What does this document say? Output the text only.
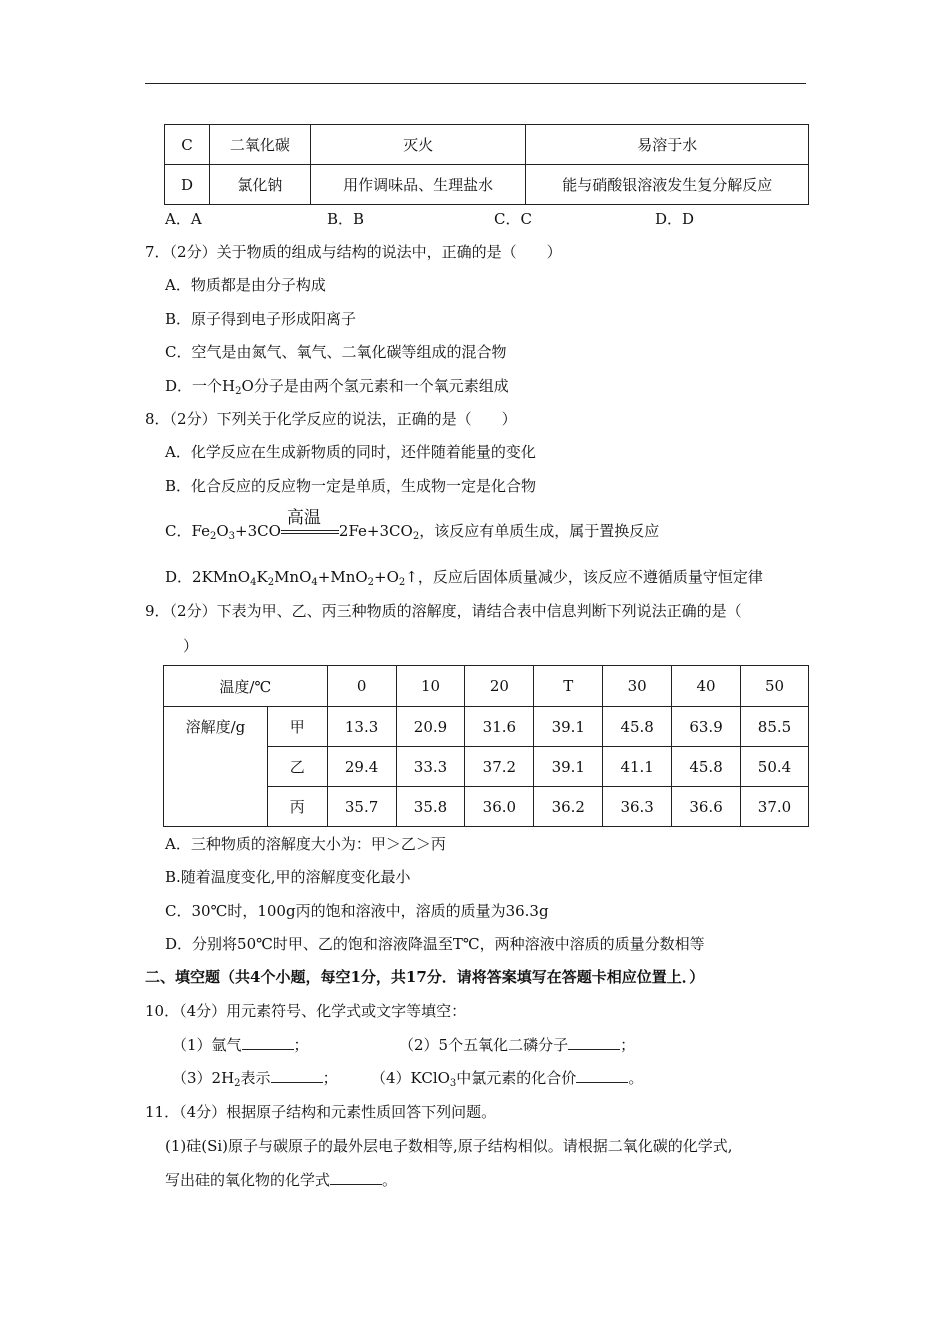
C	二氧化碳	灭火	易溶于水
D	氯化钠	用作调味品、生理盐水	能与硝酸银溶液发生复分解反应
A．A	B．B	C．C	D．D
7．（2分）关于物质的组成与结构的说法中，正确的是（　　）
A．物质都是由分子构成
B．原子得到电子形成阳离子
C．空气是由氮气、氧气、二氧化碳等组成的混合物
D．一个$H_2O$分子是由两个氢元素和一个氧元素组成
8．（2分）下列关于化学反应的说法，正确的是（　　）
A．化学反应在生成新物质的同时，还伴随着能量的变化
B．化合反应的反应物一定是单质，生成物一定是化合物
C．$Fe_2O_3+3CO$
高温
$2Fe+3CO_2$，该反应有单质生成，属于置换反应
D．$2KMnO_4K_2MnO_4+MnO_2+O_2↑$，反应后固体质量减少，该反应不遵循质量守恒定律
9．（2分）下表为甲、乙、丙三种物质的溶解度，请结合表中信息判断下列说法正确的是（
）
温度/℃		0	10	20	T	30	40	50
溶解度/g	甲	13.3	20.9	31.6	39.1	45.8	63.9	85.5
	乙	29.4	33.3	37.2	39.1	41.1	45.8	50.4
	丙	35.7	35.8	36.0	36.2	36.3	36.6	37.0
A．三种物质的溶解度大小为：甲＞乙＞丙
B.随着温度变化,甲的溶解度变化最小
C．30℃时，100g丙的饱和溶液中，溶质的质量为36.3g
D．分别将50℃时甲、乙的饱和溶液降温至T℃，两种溶液中溶质的质量分数相等
二、填空题（共4个小题，每空1分，共17分．请将答案填写在答题卡相应位置上．）
10．（4分）用元素符号、化学式或文字等填空：
（1）氩气	；	（2）5个五氧化二磷分子	；
$(3)2H_2$表示	； （4）KClO$_3$中氯元素的化合价	。
11．（4分）根据原子结构和元素性质回答下列问题。
(1)硅(Si)原子与碳原子的最外层电子数相等,原子结构相似。请根据二氧化碳的化学式,
写出硅的氧化物的化学式	。
